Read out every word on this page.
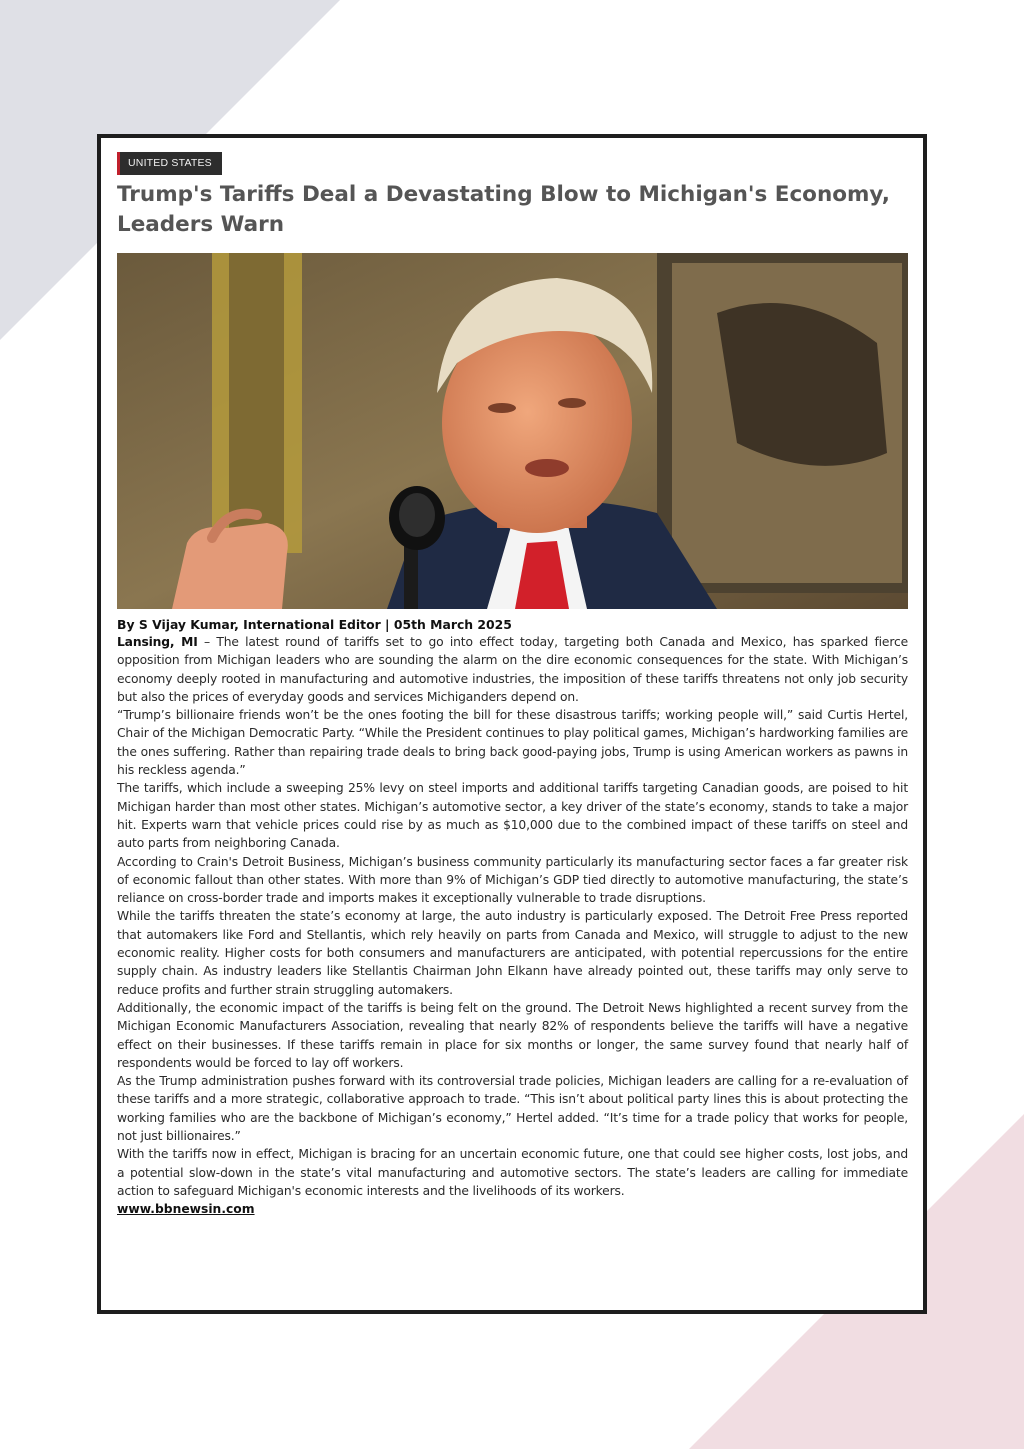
UNITED STATES
Trump's Tariffs Deal a Devastating Blow to Michigan's Economy, Leaders Warn

By S Vijay Kumar, International Editor | 05th March 2025

Lansing, MI – The latest round of tariffs set to go into effect today, targeting both Canada and Mexico, has sparked fierce opposition from Michigan leaders who are sounding the alarm on the dire economic consequences for the state. With Michigan’s economy deeply rooted in manufacturing and automotive industries, the imposition of these tariffs threatens not only job security but also the prices of everyday goods and services Michiganders depend on.

“Trump’s billionaire friends won’t be the ones footing the bill for these disastrous tariffs; working people will,” said Curtis Hertel, Chair of the Michigan Democratic Party. “While the President continues to play political games, Michigan’s hardworking families are the ones suffering. Rather than repairing trade deals to bring back good-paying jobs, Trump is using American workers as pawns in his reckless agenda.”

The tariffs, which include a sweeping 25% levy on steel imports and additional tariffs targeting Canadian goods, are poised to hit Michigan harder than most other states. Michigan’s automotive sector, a key driver of the state’s economy, stands to take a major hit. Experts warn that vehicle prices could rise by as much as $10,000 due to the combined impact of these tariffs on steel and auto parts from neighboring Canada.

According to Crain's Detroit Business, Michigan’s business community particularly its manufacturing sector faces a far greater risk of economic fallout than other states. With more than 9% of Michigan’s GDP tied directly to automotive manufacturing, the state’s reliance on cross-border trade and imports makes it exceptionally vulnerable to trade disruptions.

While the tariffs threaten the state’s economy at large, the auto industry is particularly exposed. The Detroit Free Press reported that automakers like Ford and Stellantis, which rely heavily on parts from Canada and Mexico, will struggle to adjust to the new economic reality. Higher costs for both consumers and manufacturers are anticipated, with potential repercussions for the entire supply chain. As industry leaders like Stellantis Chairman John Elkann have already pointed out, these tariffs may only serve to reduce profits and further strain struggling automakers.

Additionally, the economic impact of the tariffs is being felt on the ground. The Detroit News highlighted a recent survey from the Michigan Economic Manufacturers Association, revealing that nearly 82% of respondents believe the tariffs will have a negative effect on their businesses. If these tariffs remain in place for six months or longer, the same survey found that nearly half of respondents would be forced to lay off workers.

As the Trump administration pushes forward with its controversial trade policies, Michigan leaders are calling for a re-evaluation of these tariffs and a more strategic, collaborative approach to trade. “This isn’t about political party lines this is about protecting the working families who are the backbone of Michigan’s economy,” Hertel added. “It’s time for a trade policy that works for people, not just billionaires.”

With the tariffs now in effect, Michigan is bracing for an uncertain economic future, one that could see higher costs, lost jobs, and a potential slow-down in the state’s vital manufacturing and automotive sectors. The state’s leaders are calling for immediate action to safeguard Michigan's economic interests and the livelihoods of its workers.

www.bbnewsin.com
